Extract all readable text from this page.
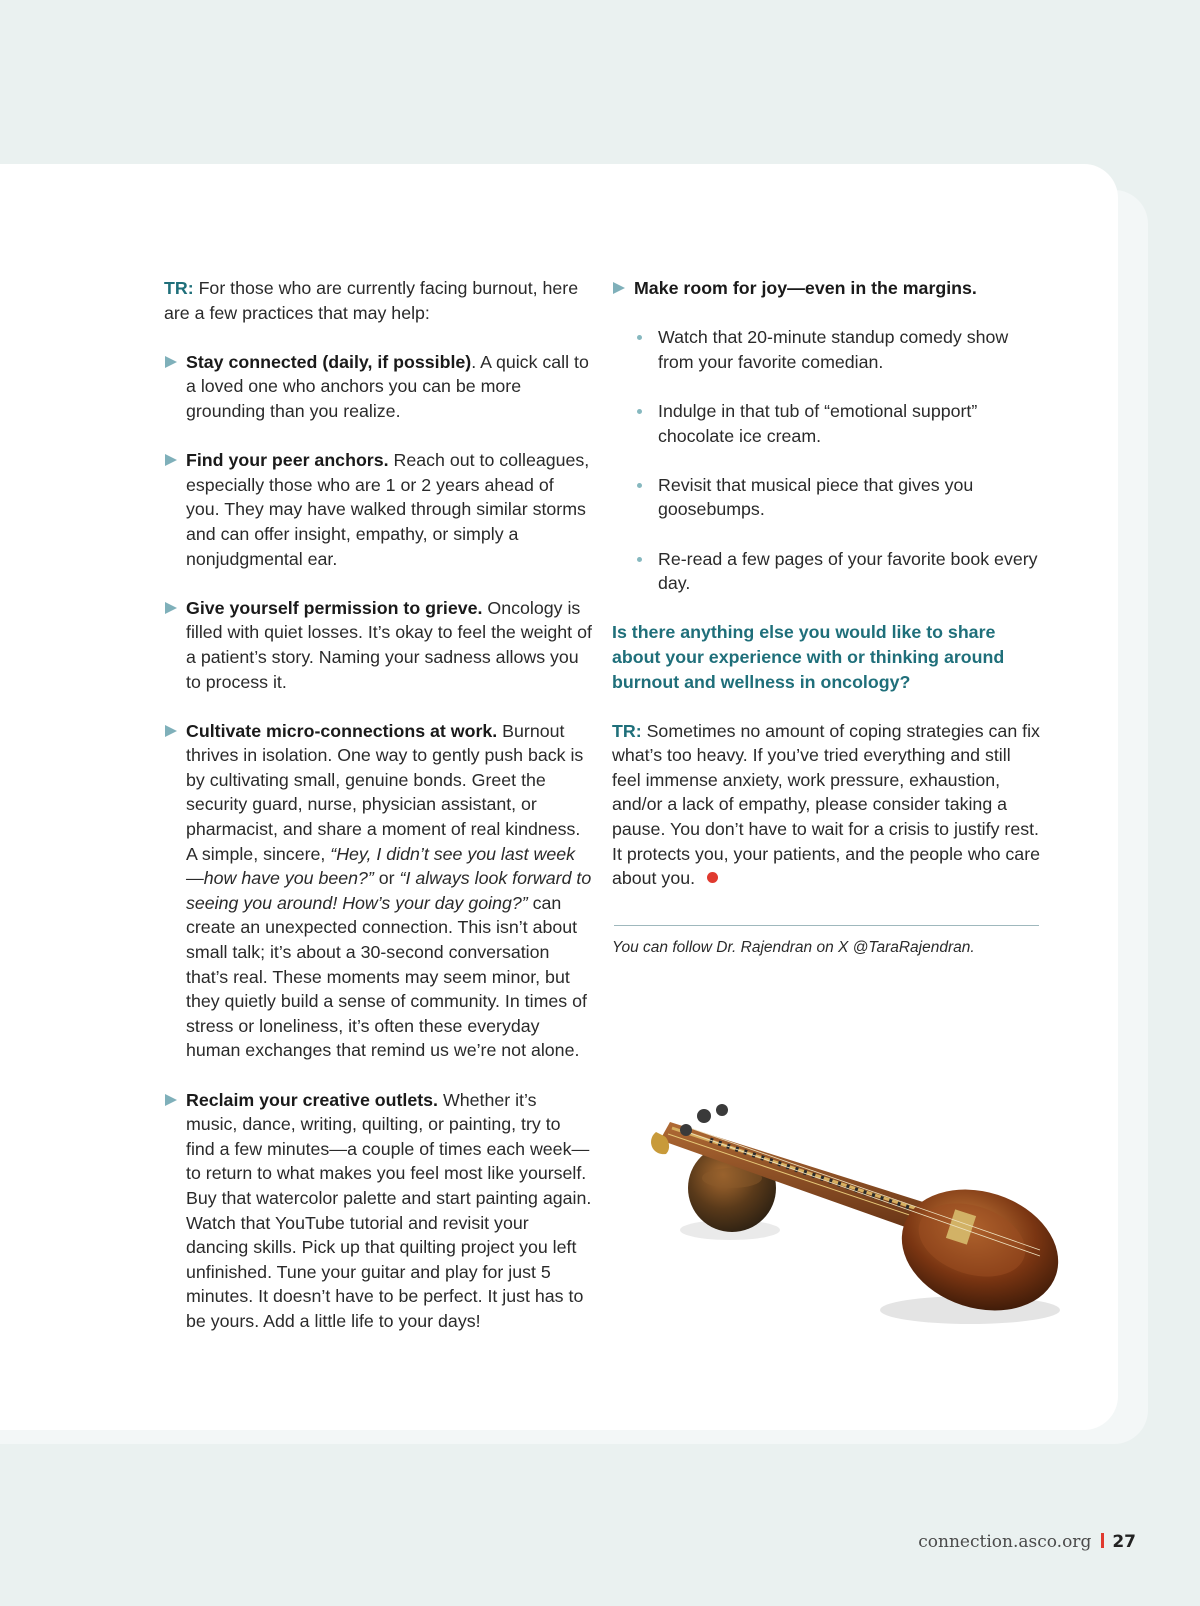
TR: For those who are currently facing burnout, here are a few practices that may help:

Stay connected (daily, if possible). A quick call to a loved one who anchors you can be more grounding than you realize.
Find your peer anchors. Reach out to colleagues, especially those who are 1 or 2 years ahead of you. They may have walked through similar storms and can offer insight, empathy, or simply a nonjudgmental ear.
Give yourself permission to grieve. Oncology is filled with quiet losses. It’s okay to feel the weight of a patient’s story. Naming your sadness allows you to process it.
Cultivate micro-connections at work. Burnout thrives in isolation. One way to gently push back is by cultivating small, genuine bonds. Greet the security guard, nurse, physician assistant, or pharmacist, and share a moment of real kindness. A simple, sincere, “Hey, I didn’t see you last week—how have you been?” or “I always look forward to seeing you around! How’s your day going?” can create an unexpected connection. This isn’t about small talk; it’s about a 30-second conversation that’s real. These moments may seem minor, but they quietly build a sense of community. In times of stress or loneliness, it’s often these everyday human exchanges that remind us we’re not alone.
Reclaim your creative outlets. Whether it’s music, dance, writing, quilting, or painting, try to find a few minutes—a couple of times each week—to return to what makes you feel most like yourself. Buy that watercolor palette and start painting again. Watch that YouTube tutorial and revisit your dancing skills. Pick up that quilting project you left unfinished. Tune your guitar and play for just 5 minutes. It doesn’t have to be perfect. It just has to be yours. Add a little life to your days!
Make room for joy—even in the margins.
Watch that 20-minute standup comedy show from your favorite comedian.
Indulge in that tub of “emotional support” chocolate ice cream.
Revisit that musical piece that gives you goosebumps.
Re-read a few pages of your favorite book every day.

Is there anything else you would like to share about your experience with or thinking around burnout and wellness in oncology?

TR: Sometimes no amount of coping strategies can fix what’s too heavy. If you’ve tried everything and still feel immense anxiety, work pressure, exhaustion, and/or a lack of empathy, please consider taking a pause. You don’t have to wait for a crisis to justify rest. It protects you, your patients, and the people who care about you.

You can follow Dr. Rajendran on X @TaraRajendran.

connection.asco.org 27
